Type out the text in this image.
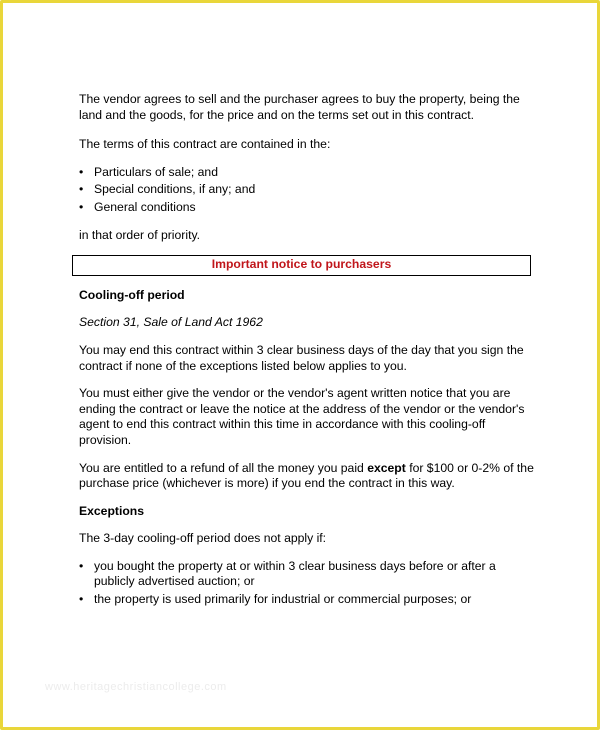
The vendor agrees to sell and the purchaser agrees to buy the property, being the land and the goods, for the price and on the terms set out in this contract.

The terms of this contract are contained in the:

• Particulars of sale; and
• Special conditions, if any; and
• General conditions

in that order of priority.

Important notice to purchasers

Cooling-off period

Section 31, Sale of Land Act 1962

You may end this contract within 3 clear business days of the day that you sign the contract if none of the exceptions listed below applies to you.

You must either give the vendor or the vendor's agent written notice that you are ending the contract or leave the notice at the address of the vendor or the vendor's agent to end this contract within this time in accordance with this cooling-off provision.

You are entitled to a refund of all the money you paid except for $100 or 0-2% of the purchase price (whichever is more) if you end the contract in this way.

Exceptions

The 3-day cooling-off period does not apply if:

• you bought the property at or within 3 clear business days before or after a publicly advertised auction; or
• the property is used primarily for industrial or commercial purposes; or
www.heritagechristiancollege.com
